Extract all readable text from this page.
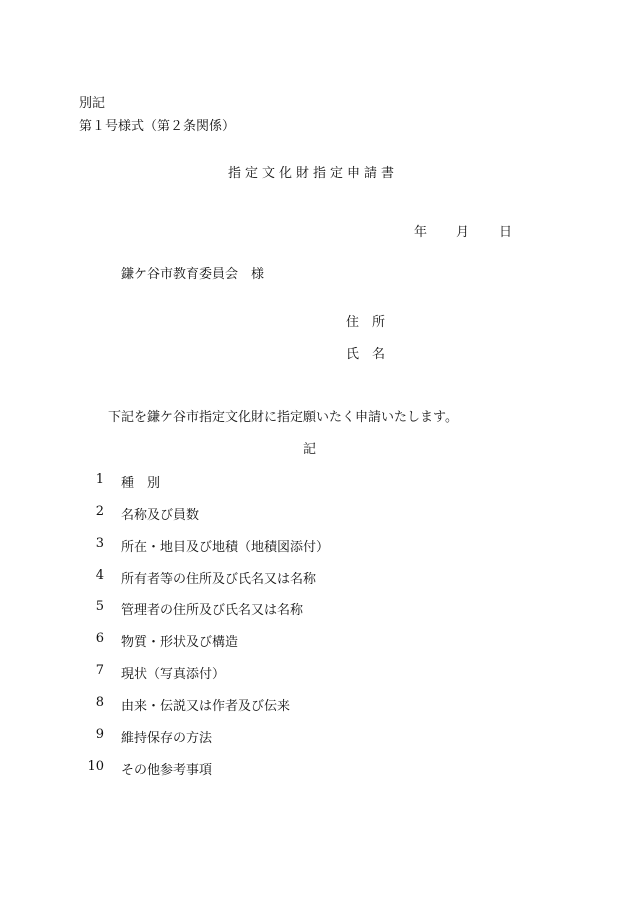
別記
第１号様式（第２条関係）
指定文化財指定申請書
年 月 日
鎌ケ谷市教育委員会　様
住　所
氏　名
下記を鎌ケ谷市指定文化財に指定願いたく申請いたします。
記
1 種　別
2 名称及び員数
3 所在・地目及び地積（地積図添付）
4 所有者等の住所及び氏名又は名称
5 管理者の住所及び氏名又は名称
6 物質・形状及び構造
7 現状（写真添付）
8 由来・伝説又は作者及び伝来
9 維持保存の方法
10 その他参考事項
